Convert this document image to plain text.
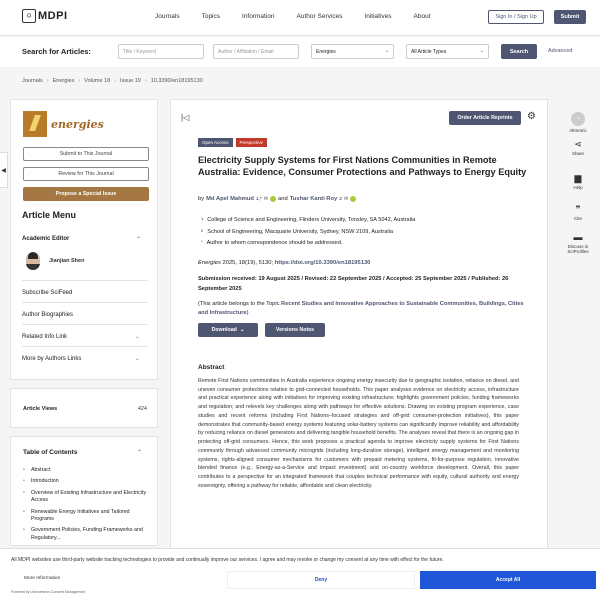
⬡ MDPI	Journals	Topics	Information	Author Services	Initiatives	About	Sign In / Sign Up	Submit
Search for Articles:	Title / Keyword	Author / Affiliation / Email	Energies	⌄	All Article Types	⌄	Search	Advanced
Journals › Energies › Volume 18 › Issue 19 › 10.3390/en18195130
◀
energies
Submit to This Journal
Review for This Journal
Propose a Special Issue
Article Menu
Academic Editor	⌃
Jianjian Shen
Subscribe SciFeed
Author Biographies
Related Info Link	⌄
More by Authors Links	⌄
Article Views	424
Table of Contents	⌃
• Abstract
• Introduction
• Overview of Existing Infrastructure and Electricity Access
• Renewable Energy Initiatives and Tailored Programs
• Government Policies, Funding Frameworks and Regulatory...
|◁	Order Article Reprints	⚙
Open Access	Perspective
Electricity Supply Systems for First Nations Communities in Remote Australia: Evidence, Consumer Protections and Pathways to Energy Equity
by Md Apel Mahmud 1,* ✉ and Tushar Kanti Roy 2 ✉
$^1$ College of Science and Engineering, Flinders University, Tonsley, SA 5042, Australia
$^2$ School of Engineering, Macquarie University, Sydney, NSW 2109, Australia
* Author to whom correspondence should be addressed.
Energies 2025, 18(19), 5130; https://doi.org/10.3390/en18195130
Submission received: 19 August 2025 / Revised: 22 September 2025 / Accepted: 25 September 2025 / Published: 26 September 2025
(This article belongs to the Topic Recent Studies and Innovative Approaches to Sustainable Communities, Buildings, Cities and Infrastructure)
Download ⌄	Versions Notes
Abstract

Remote First Nations communities in Australia experience ongoing energy insecurity due to geographic isolation, reliance on diesel, and uneven consumer protections relative to grid-connected households. This paper analyses evidence on electricity access, infrastructure and practical experience along with initiatives for improving existing infrastructure; highlights government policies, funding frameworks and regulation; and relevels key challenges along with pathways for effective solutions. Drawing on existing program experience, case studies and recent reforms (including First Nations–focused strategies and off-grid consumer-protection initiatives), this paper demonstrates that community-based energy systems featuring solar-battery systems can significantly improve reliability and affordability by reducing reliance on diesel generators and delivering tangible household benefits. The analyses reveal that there is an ongoing gap in protecting off-grid consumers. Hence, this work proposes a practical agenda to improve electricity supply systems for First Nations community through advanced community microgrids (including long-duration storage), intelligent energy management and monitoring systems, rights-aligned consumer mechanisms for customers with prepaid metering systems, fit-for-purpose regulation, innovative blended finance (e.g., Energy-as-a-Service and impact investment) and on-country workforce development. Overall, this paper contributes to a perspective for an integrated framework that couples technical performance with equity, cultural authority and energy sovereignty, offering a pathway for reliable, affordable and clean electricity.

◔
Altmetric
⋖
Share
▆
Help
❞
Cite
▬
Discuss in SciProfiles
All MDPI websites use third-party website tracking technologies to provide and continually improve our services. I agree and may revoke or change my consent at any time with effect for the future.
More Information
Powered by Usercentrics Consent Management
Deny	Accept All
